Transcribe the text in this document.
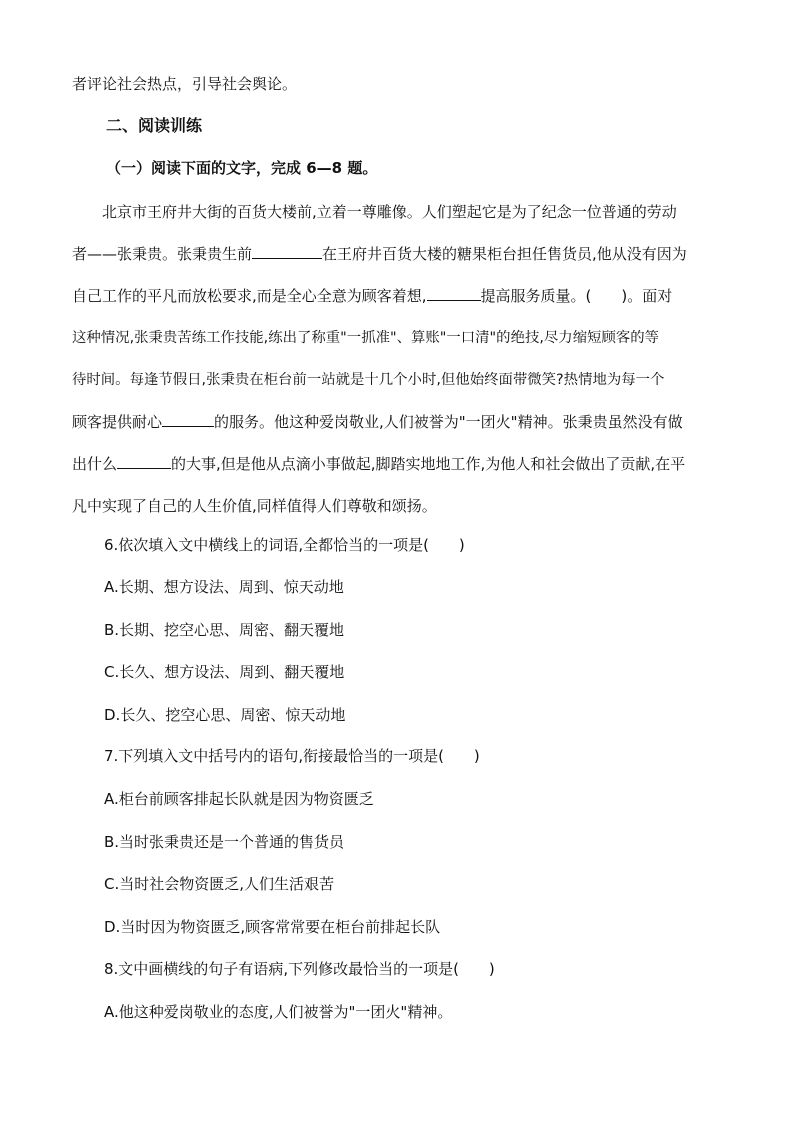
者评论社会热点，引导社会舆论。
二、阅读训练
（一）阅读下面的文字，完成 6—8 题。
北京市王府井大街的百货大楼前,立着一尊雕像。人们塑起它是为了纪念一位普通的劳动
者——张秉贵。张秉贵生前	在王府井百货大楼的糖果柜台担任售货员,他从没有因为
自己工作的平凡而放松要求,而是全心全意为顾客着想,	提高服务质量。(　　)。面对
这种情况,张秉贵苦练工作技能,练出了称重"一抓准"、算账"一口清"的绝技,尽力缩短顾客的等
待时间。每逢节假日,张秉贵在柜台前一站就是十几个小时,但他始终面带微笑?热情地为每一个
顾客提供耐心	的服务。他这种爱岗敬业,人们被誉为"一团火"精神。张秉贵虽然没有做
出什么	的大事,但是他从点滴小事做起,脚踏实地地工作,为他人和社会做出了贡献,在平
凡中实现了自己的人生价值,同样值得人们尊敬和颂扬。
6.依次填入文中横线上的词语,全都恰当的一项是(　　)
A.长期、想方设法、周到、惊天动地
B.长期、挖空心思、周密、翻天覆地
C.长久、想方设法、周到、翻天覆地
D.长久、挖空心思、周密、惊天动地
7.下列填入文中括号内的语句,衔接最恰当的一项是(　　)
A.柜台前顾客排起长队就是因为物资匮乏
B.当时张秉贵还是一个普通的售货员
C.当时社会物资匮乏,人们生活艰苦
D.当时因为物资匮乏,顾客常常要在柜台前排起长队
8.文中画横线的句子有语病,下列修改最恰当的一项是(　　)
A.他这种爱岗敬业的态度,人们被誉为"一团火"精神。
